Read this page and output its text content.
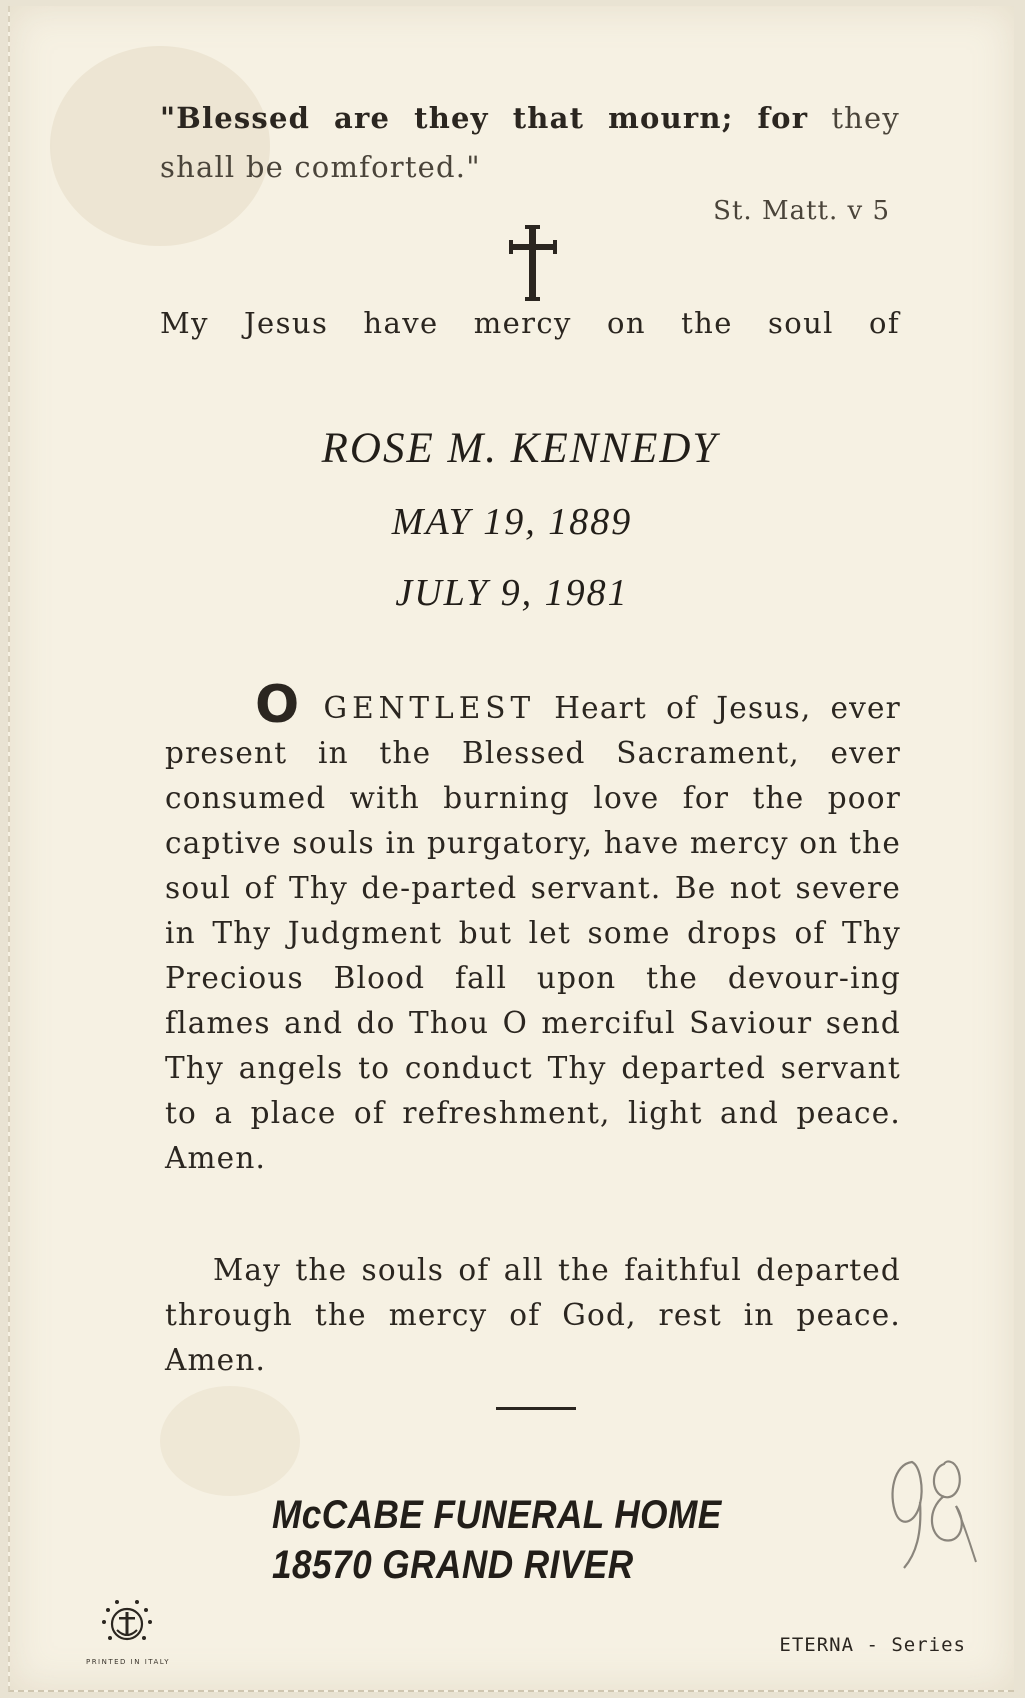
"Blessed are they that mourn; for they shall be comforted."
St. Matt. v 5
My Jesus have mercy on the soul of
ROSE M. KENNEDY
MAY 19, 1889
JULY 9, 1981

O GENTLEST Heart of Jesus, ever present in the Blessed Sacrament, ever consumed with burning love for the poor captive souls in purgatory, have mercy on the soul of Thy de-parted servant. Be not severe in Thy Judgment but let some drops of Thy Precious Blood fall upon the devour-ing flames and do Thou O merciful Saviour send Thy angels to conduct Thy departed servant to a place of refreshment, light and peace. Amen.

May the souls of all the faithful departed through the mercy of God, rest in peace. Amen.

McCABE FUNERAL HOME
18570 GRAND RIVER
PRINTED IN ITALY
ETERNA - Series
